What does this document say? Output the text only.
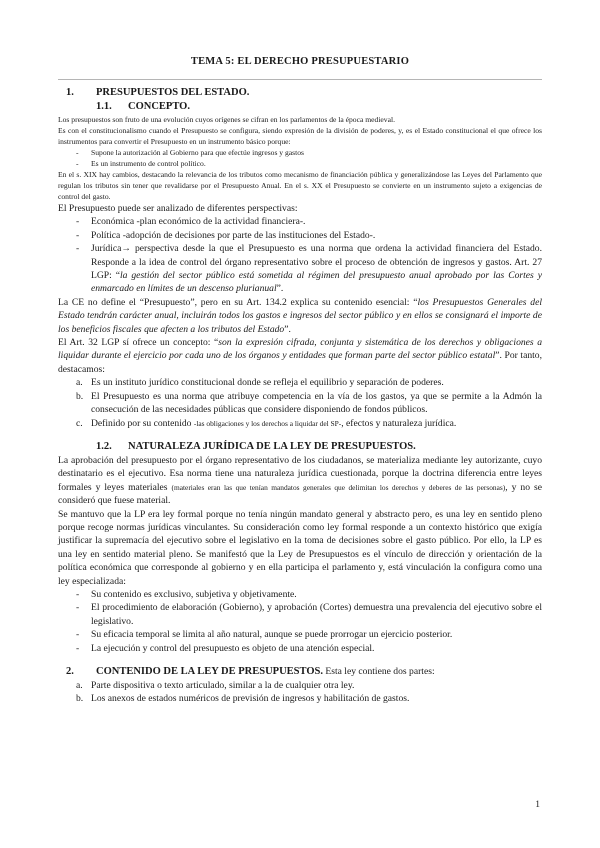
TEMA 5: EL DERECHO PRESUPUESTARIO
1. PRESUPUESTOS DEL ESTADO.
1.1. CONCEPTO.

Los presupuestos son fruto de una evolución cuyos orígenes se cifran en los parlamentos de la época medieval.

Es con el constitucionalismo cuando el Presupuesto se configura, siendo expresión de la división de poderes, y, es el Estado constitucional el que ofrece los instrumentos para convertir el Presupuesto en un instrumento básico porque:

- Supone la autorización al Gobierno para que efectúe ingresos y gastos
- Es un instrumento de control político.

En el s. XIX hay cambios, destacando la relevancia de los tributos como mecanismo de financiación pública y generalizándose las Leyes del Parlamento que regulan los tributos sin tener que revalidarse por el Presupuesto Anual. En el s. XX el Presupuesto se convierte en un instrumento sujeto a exigencias de control del gasto.

El Presupuesto puede ser analizado de diferentes perspectivas:

- Económica -plan económico de la actividad financiera-.
- Política -adopción de decisiones por parte de las instituciones del Estado-.
- Jurídica→ perspectiva desde la que el Presupuesto es una norma que ordena la actividad financiera del Estado. Responde a la idea de control del órgano representativo sobre el proceso de obtención de ingresos y gastos. Art. 27 LGP: “la gestión del sector público está sometida al régimen del presupuesto anual aprobado por las Cortes y enmarcado en límites de un descenso plurianual”.

La CE no define el “Presupuesto”, pero en su Art. 134.2 explica su contenido esencial: “los Presupuestos Generales del Estado tendrán carácter anual, incluirán todos los gastos e ingresos del sector público y en ellos se consignará el importe de los beneficios fiscales que afecten a los tributos del Estado”.

El Art. 32 LGP sí ofrece un concepto: “son la expresión cifrada, conjunta y sistemática de los derechos y obligaciones a liquidar durante el ejercicio por cada uno de los órganos y entidades que forman parte del sector público estatal”. Por tanto, destacamos:

a. Es un instituto jurídico constitucional donde se refleja el equilibrio y separación de poderes.
b. El Presupuesto es una norma que atribuye competencia en la vía de los gastos, ya que se permite a la Admón la consecución de las necesidades públicas que considere disponiendo de fondos públicos.
c. Definido por su contenido -las obligaciones y los derechos a liquidar del SP-, efectos y naturaleza jurídica.
1.2. NATURALEZA JURÍDICA DE LA LEY DE PRESUPUESTOS.

La aprobación del presupuesto por el órgano representativo de los ciudadanos, se materializa mediante ley autorizante, cuyo destinatario es el ejecutivo. Esa norma tiene una naturaleza jurídica cuestionada, porque la doctrina diferencia entre leyes formales y leyes materiales (materiales eran las que tenían mandatos generales que delimitan los derechos y deberes de las personas), y no se consideró que fuese material.

Se mantuvo que la LP era ley formal porque no tenía ningún mandato general y abstracto pero, es una ley en sentido pleno porque recoge normas jurídicas vinculantes. Su consideración como ley formal responde a un contexto histórico que exigía justificar la supremacía del ejecutivo sobre el legislativo en la toma de decisiones sobre el gasto público. Por ello, la LP es una ley en sentido material pleno. Se manifestó que la Ley de Presupuestos es el vínculo de dirección y orientación de la política económica que corresponde al gobierno y en ella participa el parlamento y, está vinculación la configura como una ley especializada:

- Su contenido es exclusivo, subjetiva y objetivamente.
- El procedimiento de elaboración (Gobierno), y aprobación (Cortes) demuestra una prevalencia del ejecutivo sobre el legislativo.
- Su eficacia temporal se limita al año natural, aunque se puede prorrogar un ejercicio posterior.
- La ejecución y control del presupuesto es objeto de una atención especial.
2. CONTENIDO DE LA LEY DE PRESUPUESTOS. Esta ley contiene dos partes:
a. Parte dispositiva o texto articulado, similar a la de cualquier otra ley.
b. Los anexos de estados numéricos de previsión de ingresos y habilitación de gastos.
1
